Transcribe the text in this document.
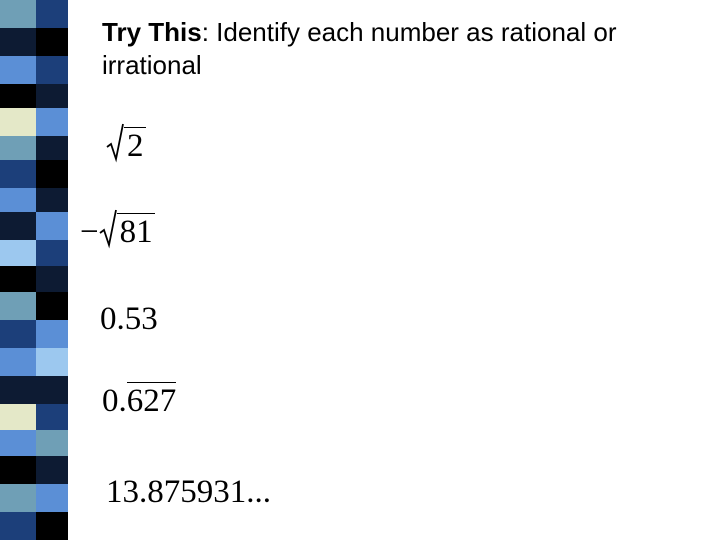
Try This: Identify each number as rational or irrational
2
− 81
0.53
0.627
13.875931...
